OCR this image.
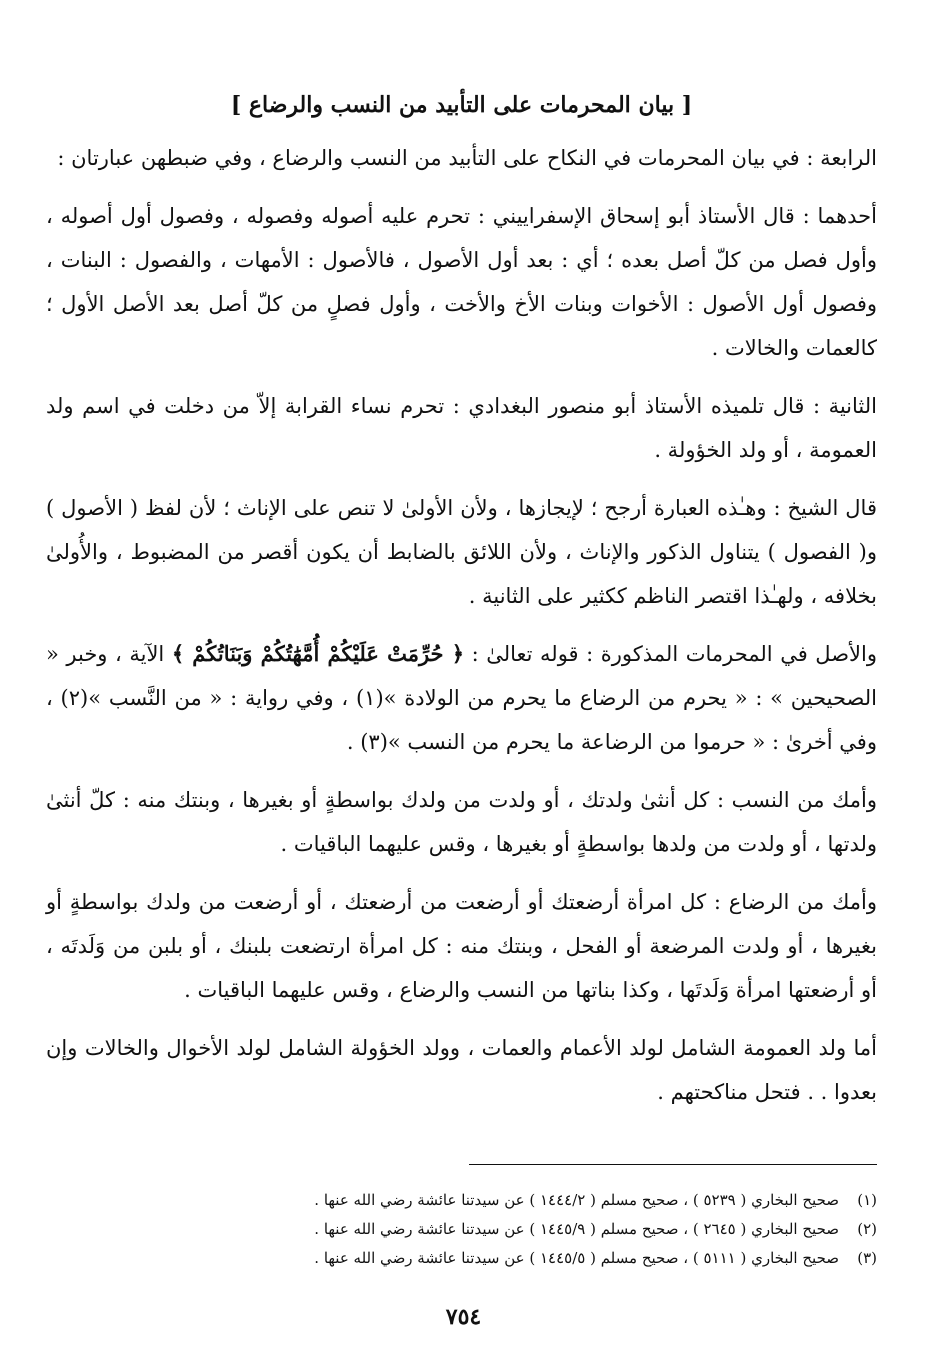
[ بيان المحرمات على التأبيد من النسب والرضاع ]

الرابعة : في بيان المحرمات في النكاح على التأبيد من النسب والرضاع ، وفي ضبطهن عبارتان :

أحدهما : قال الأستاذ أبو إسحاق الإسفراييني : تحرم عليه أصوله وفصوله ، وفصول أول أصوله ، وأول فصل من كلّ أصل بعده ؛ أي : بعد أول الأصول ، فالأصول : الأمهات ، والفصول : البنات ، وفصول أول الأصول : الأخوات وبنات الأخ والأخت ، وأول فصلٍ من كلّ أصل بعد الأصل الأول ؛ كالعمات والخالات .

الثانية : قال تلميذه الأستاذ أبو منصور البغدادي : تحرم نساء القرابة إلاّ من دخلت في اسم ولد العمومة ، أو ولد الخؤولة .

قال الشيخ : وهـٰذه العبارة أرجح ؛ لإيجازها ، ولأن الأولىٰ لا تنص على الإناث ؛ لأن لفظ ( الأصول ) و( الفصول ) يتناول الذكور والإناث ، ولأن اللائق بالضابط أن يكون أقصر من المضبوط ، والأُولىٰ بخلافه ، ولهـٰذا اقتصر الناظم ككثير على الثانية .

والأصل في المحرمات المذكورة : قوله تعالىٰ : ﴿ حُرِّمَتْ عَلَيْكُمْ أُمَّهَٰتُكُمْ وَبَنَاتُكُمْ ﴾ الآية ، وخبر « الصحيحين » : « يحرم من الرضاع ما يحرم من الولادة »(١) ، وفي رواية : « من النَّسب »(٢) ، وفي أخرىٰ : « حرموا من الرضاعة ما يحرم من النسب »(٣) .

وأمك من النسب : كل أنثىٰ ولدتك ، أو ولدت من ولدك بواسطةٍ أو بغيرها ، وبنتك منه : كلّ أنثىٰ ولدتها ، أو ولدت من ولدها بواسطةٍ أو بغيرها ، وقس عليهما الباقيات .

وأمك من الرضاع : كل امرأة أرضعتك أو أرضعت من أرضعتك ، أو أرضعت من ولدك بواسطةٍ أو بغيرها ، أو ولدت المرضعة أو الفحل ، وبنتك منه : كل امرأة ارتضعت بلبنك ، أو بلبن من وَلَدتَه ، أو أرضعتها امرأة وَلَدتَها ، وكذا بناتها من النسب والرضاع ، وقس عليهما الباقيات .

أما ولد العمومة الشامل لولد الأعمام والعمات ، وولد الخؤولة الشامل لولد الأخوال والخالات وإن بعدوا . . فتحل مناكحتهم .

(١)
صحيح البخاري ( ٥٢٣٩ ) ، صحيح مسلم ( ١٤٤٤/٢ ) عن سيدتنا عائشة رضي الله عنها .
(٢)
صحيح البخاري ( ٢٦٤٥ ) ، صحيح مسلم ( ١٤٤٥/٩ ) عن سيدتنا عائشة رضي الله عنها .
(٣)
صحيح البخاري ( ٥١١١ ) ، صحيح مسلم ( ١٤٤٥/٥ ) عن سيدتنا عائشة رضي الله عنها .
٧٥٤
